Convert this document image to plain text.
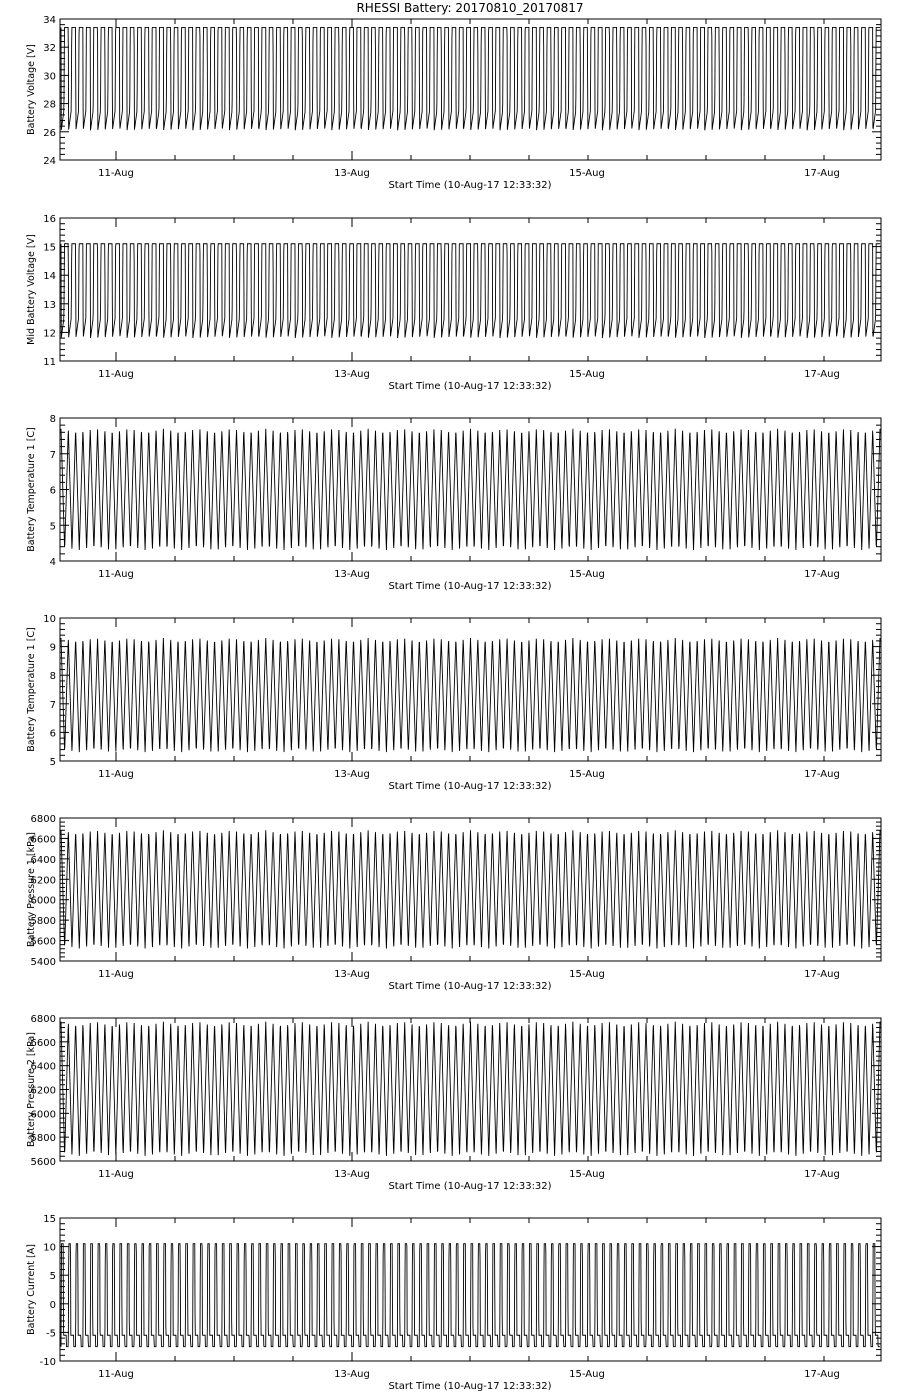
RHESSI Battery: 20170810_20170817
24
26
28
30
32
34
11-Aug	13-Aug	15-Aug	17-Aug
Start Time (10-Aug-17 12:33:32)
Battery Voltage [V]
11
12
13
14
15
16
11-Aug	13-Aug	15-Aug	17-Aug
Start Time (10-Aug-17 12:33:32)
Mid Battery Voltage [V]
4
5
6
7
8
11-Aug	13-Aug	15-Aug	17-Aug
Start Time (10-Aug-17 12:33:32)
Battery Temperature 1 [C]
5
6
7
8
9
10
11-Aug	13-Aug	15-Aug	17-Aug
Start Time (10-Aug-17 12:33:32)
Battery Temperature 1 [C]
5400
5600
5800
6000
6200
6400
6600
6800
11-Aug	13-Aug	15-Aug	17-Aug
Start Time (10-Aug-17 12:33:32)
Battery Pressure 1 [kPa]
5600
5800
6000
6200
6400
6600
6800
11-Aug	13-Aug	15-Aug	17-Aug
Start Time (10-Aug-17 12:33:32)
Battery Pressure 2 [kPa]
-10
-5
0
5
10
15
11-Aug	13-Aug	15-Aug	17-Aug
Start Time (10-Aug-17 12:33:32)
Battery Current [A]
